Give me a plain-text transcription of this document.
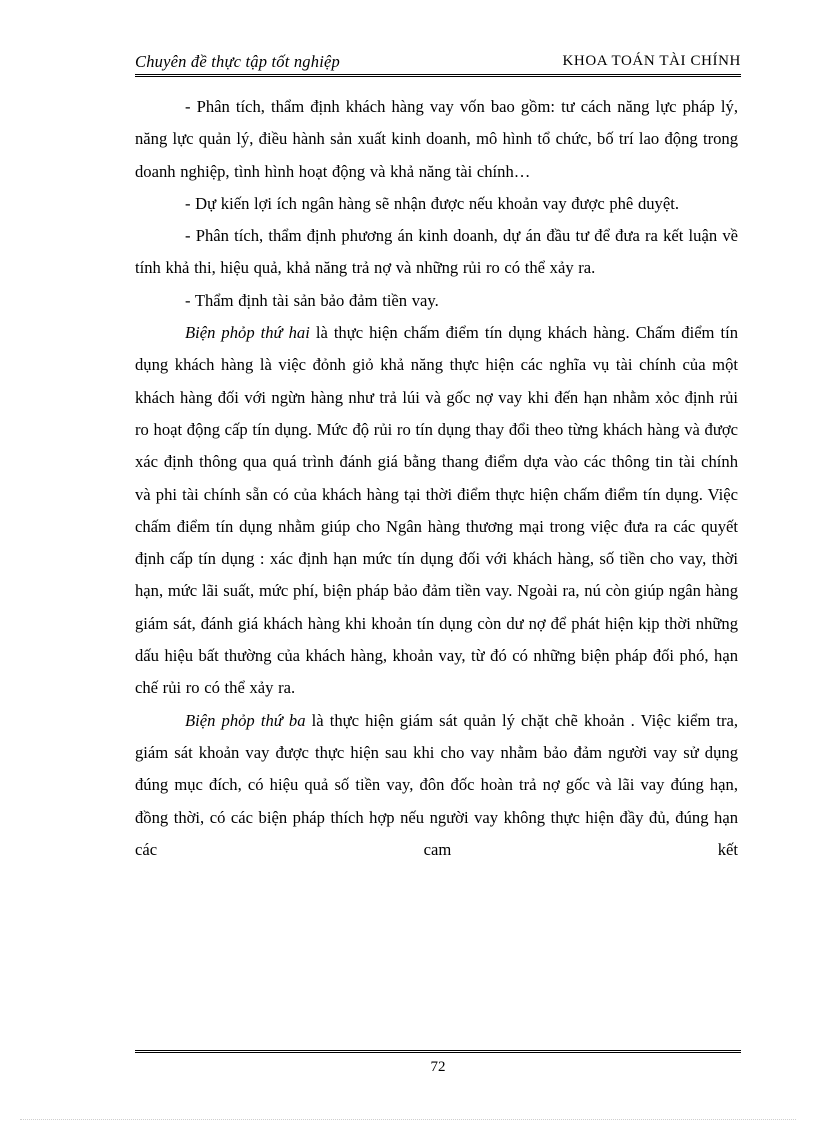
Chuyên đề thực tập tốt nghiệp	KHOA TOÁN TÀI CHÍNH

- Phân tích, thẩm định khách hàng vay vốn bao gồm: tư cách năng lực pháp lý, năng lực quản lý, điều hành sản xuất kinh doanh, mô hình tổ chức, bố trí lao động trong doanh nghiệp, tình hình hoạt động và khả năng tài chính…

- Dự kiến lợi ích ngân hàng sẽ nhận được nếu khoản vay được phê duyệt.

- Phân tích, thẩm định phương án kinh doanh, dự án đầu tư để đưa ra kết luận về tính khả thi, hiệu quả, khả năng trả nợ và những rủi ro có thể xảy ra.

- Thẩm định tài sản bảo đảm tiền vay.

Biện phỏp thứ hai là thực hiện chấm điểm tín dụng khách hàng. Chấm điểm tín dụng khách hàng là việc đỏnh giỏ khả năng thực hiện các nghĩa vụ tài chính của một khách hàng đối với ngừn hàng như trả lúi và gốc nợ vay khi đến hạn nhằm xỏc định rủi ro hoạt động cấp tín dụng. Mức độ rủi ro tín dụng thay đổi theo từng khách hàng và được xác định thông qua quá trình đánh giá bằng thang điểm dựa vào các thông tin tài chính và phi tài chính sẵn có của khách hàng tại thời điểm thực hiện chấm điểm tín dụng. Việc chấm điểm tín dụng nhằm giúp cho Ngân hàng thương mại trong việc đưa ra các quyết định cấp tín dụng : xác định hạn mức tín dụng đối với khách hàng, số tiền cho vay, thời hạn, mức lãi suất, mức phí, biện pháp bảo đảm tiền vay. Ngoài ra, nú còn giúp ngân hàng giám sát, đánh giá khách hàng khi khoản tín dụng còn dư nợ để phát hiện kịp thời những dấu hiệu bất thường của khách hàng, khoản vay, từ đó có những biện pháp đối phó, hạn chế rủi ro có thể xảy ra.

Biện phỏp thứ ba là thực hiện giám sát quản lý chặt chẽ khoản . Việc kiểm tra, giám sát khoản vay được thực hiện sau khi cho vay nhằm bảo đảm người vay sử dụng đúng mục đích, có hiệu quả số tiền vay, đôn đốc hoàn trả nợ gốc và lãi vay đúng hạn, đồng thời, có các biện pháp thích hợp nếu người vay không thực hiện đầy đủ, đúng hạn các cam kết

72
